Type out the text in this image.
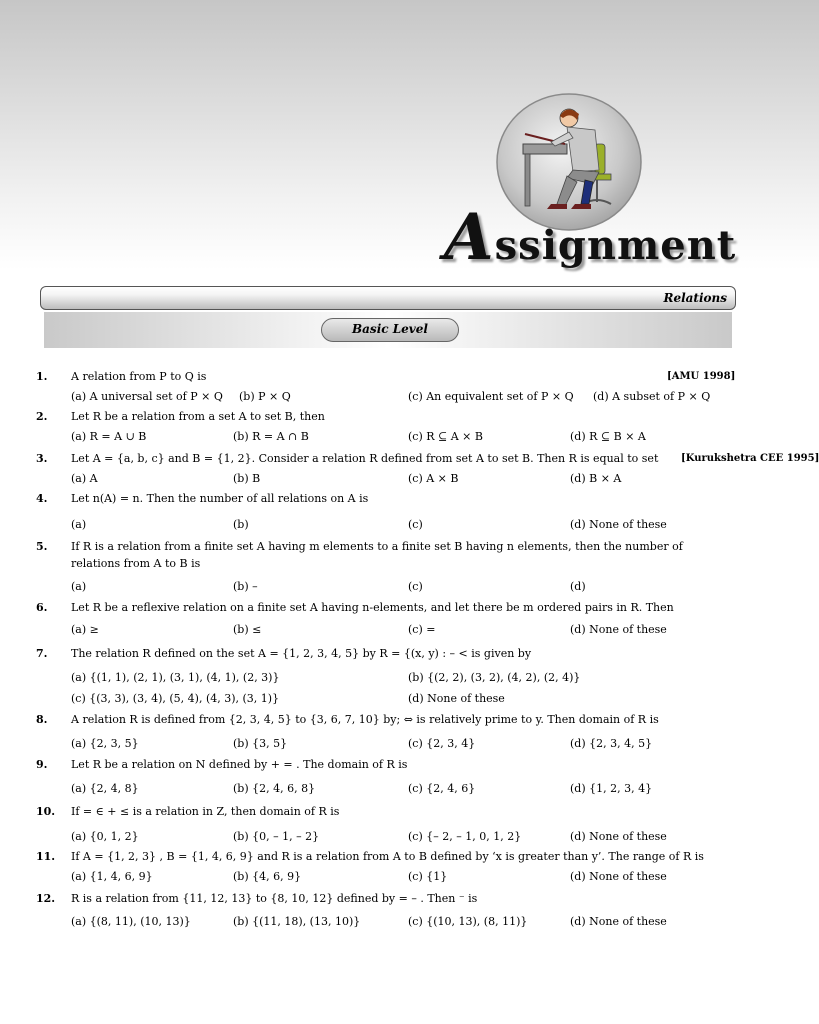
Assignment
Relations
Basic Level
1. A relation from P to Q is	[AMU 1998]
(a) A universal set of P × Q (b) P × Q	(c) An equivalent set of P × Q (d) A subset of P × Q
2. Let R be a relation from a set A to set B, then
(a) R = A ∪ B	(b) R = A ∩ B	(c) R ⊆ A × B	(d) R ⊆ B × A
3. Let A = {a, b, c} and B = {1, 2}. Consider a relation R defined from set A to set B. Then R is equal to set [Kurukshetra CEE 1995]
(a) A	(b) B	(c) A × B	(d) B × A
4. Let n(A) = n. Then the number of all relations on A is
(a)	(b)	(c)	(d) None of these
5. If R is a relation from a finite set A having m elements to a finite set B having n elements, then the number of
relations from A to B is
(a)	(b) –	(c)	(d)
6. Let R be a reflexive relation on a finite set A having n-elements, and let there be m ordered pairs in R. Then
(a) ≥	(b) ≤	(c) =	(d) None of these
7. The relation R defined on the set A = {1, 2, 3, 4, 5} by R = {(x, y) : – < is given by
(a) {(1, 1), (2, 1), (3, 1), (4, 1), (2, 3)}	(b) {(2, 2), (3, 2), (4, 2), (2, 4)}
(c) {(3, 3), (3, 4), (5, 4), (4, 3), (3, 1)}	(d) None of these
8. A relation R is defined from {2, 3, 4, 5} to {3, 6, 7, 10} by; ⇔ is relatively prime to y. Then domain of R is
(a) {2, 3, 5}	(b) {3, 5}	(c) {2, 3, 4}	(d) {2, 3, 4, 5}
9. Let R be a relation on N defined by + = . The domain of R is
(a) {2, 4, 8}	(b) {2, 4, 6, 8}	(c) {2, 4, 6}	(d) {1, 2, 3, 4}
10. If = ∈ + ≤ is a relation in Z, then domain of R is
(a) {0, 1, 2}	(b) {0, – 1, – 2}	(c) {– 2, – 1, 0, 1, 2}	(d) None of these
11. If A = {1, 2, 3} , B = {1, 4, 6, 9} and R is a relation from A to B defined by ‘x is greater than y’. The range of R is
(a) {1, 4, 6, 9}	(b) {4, 6, 9}	(c) {1}	(d) None of these
12. R is a relation from {11, 12, 13} to {8, 10, 12} defined by = – . Then ⁻ is
(a) {(8, 11), (10, 13)}	(b) {(11, 18), (13, 10)}	(c) {(10, 13), (8, 11)}	(d) None of these
